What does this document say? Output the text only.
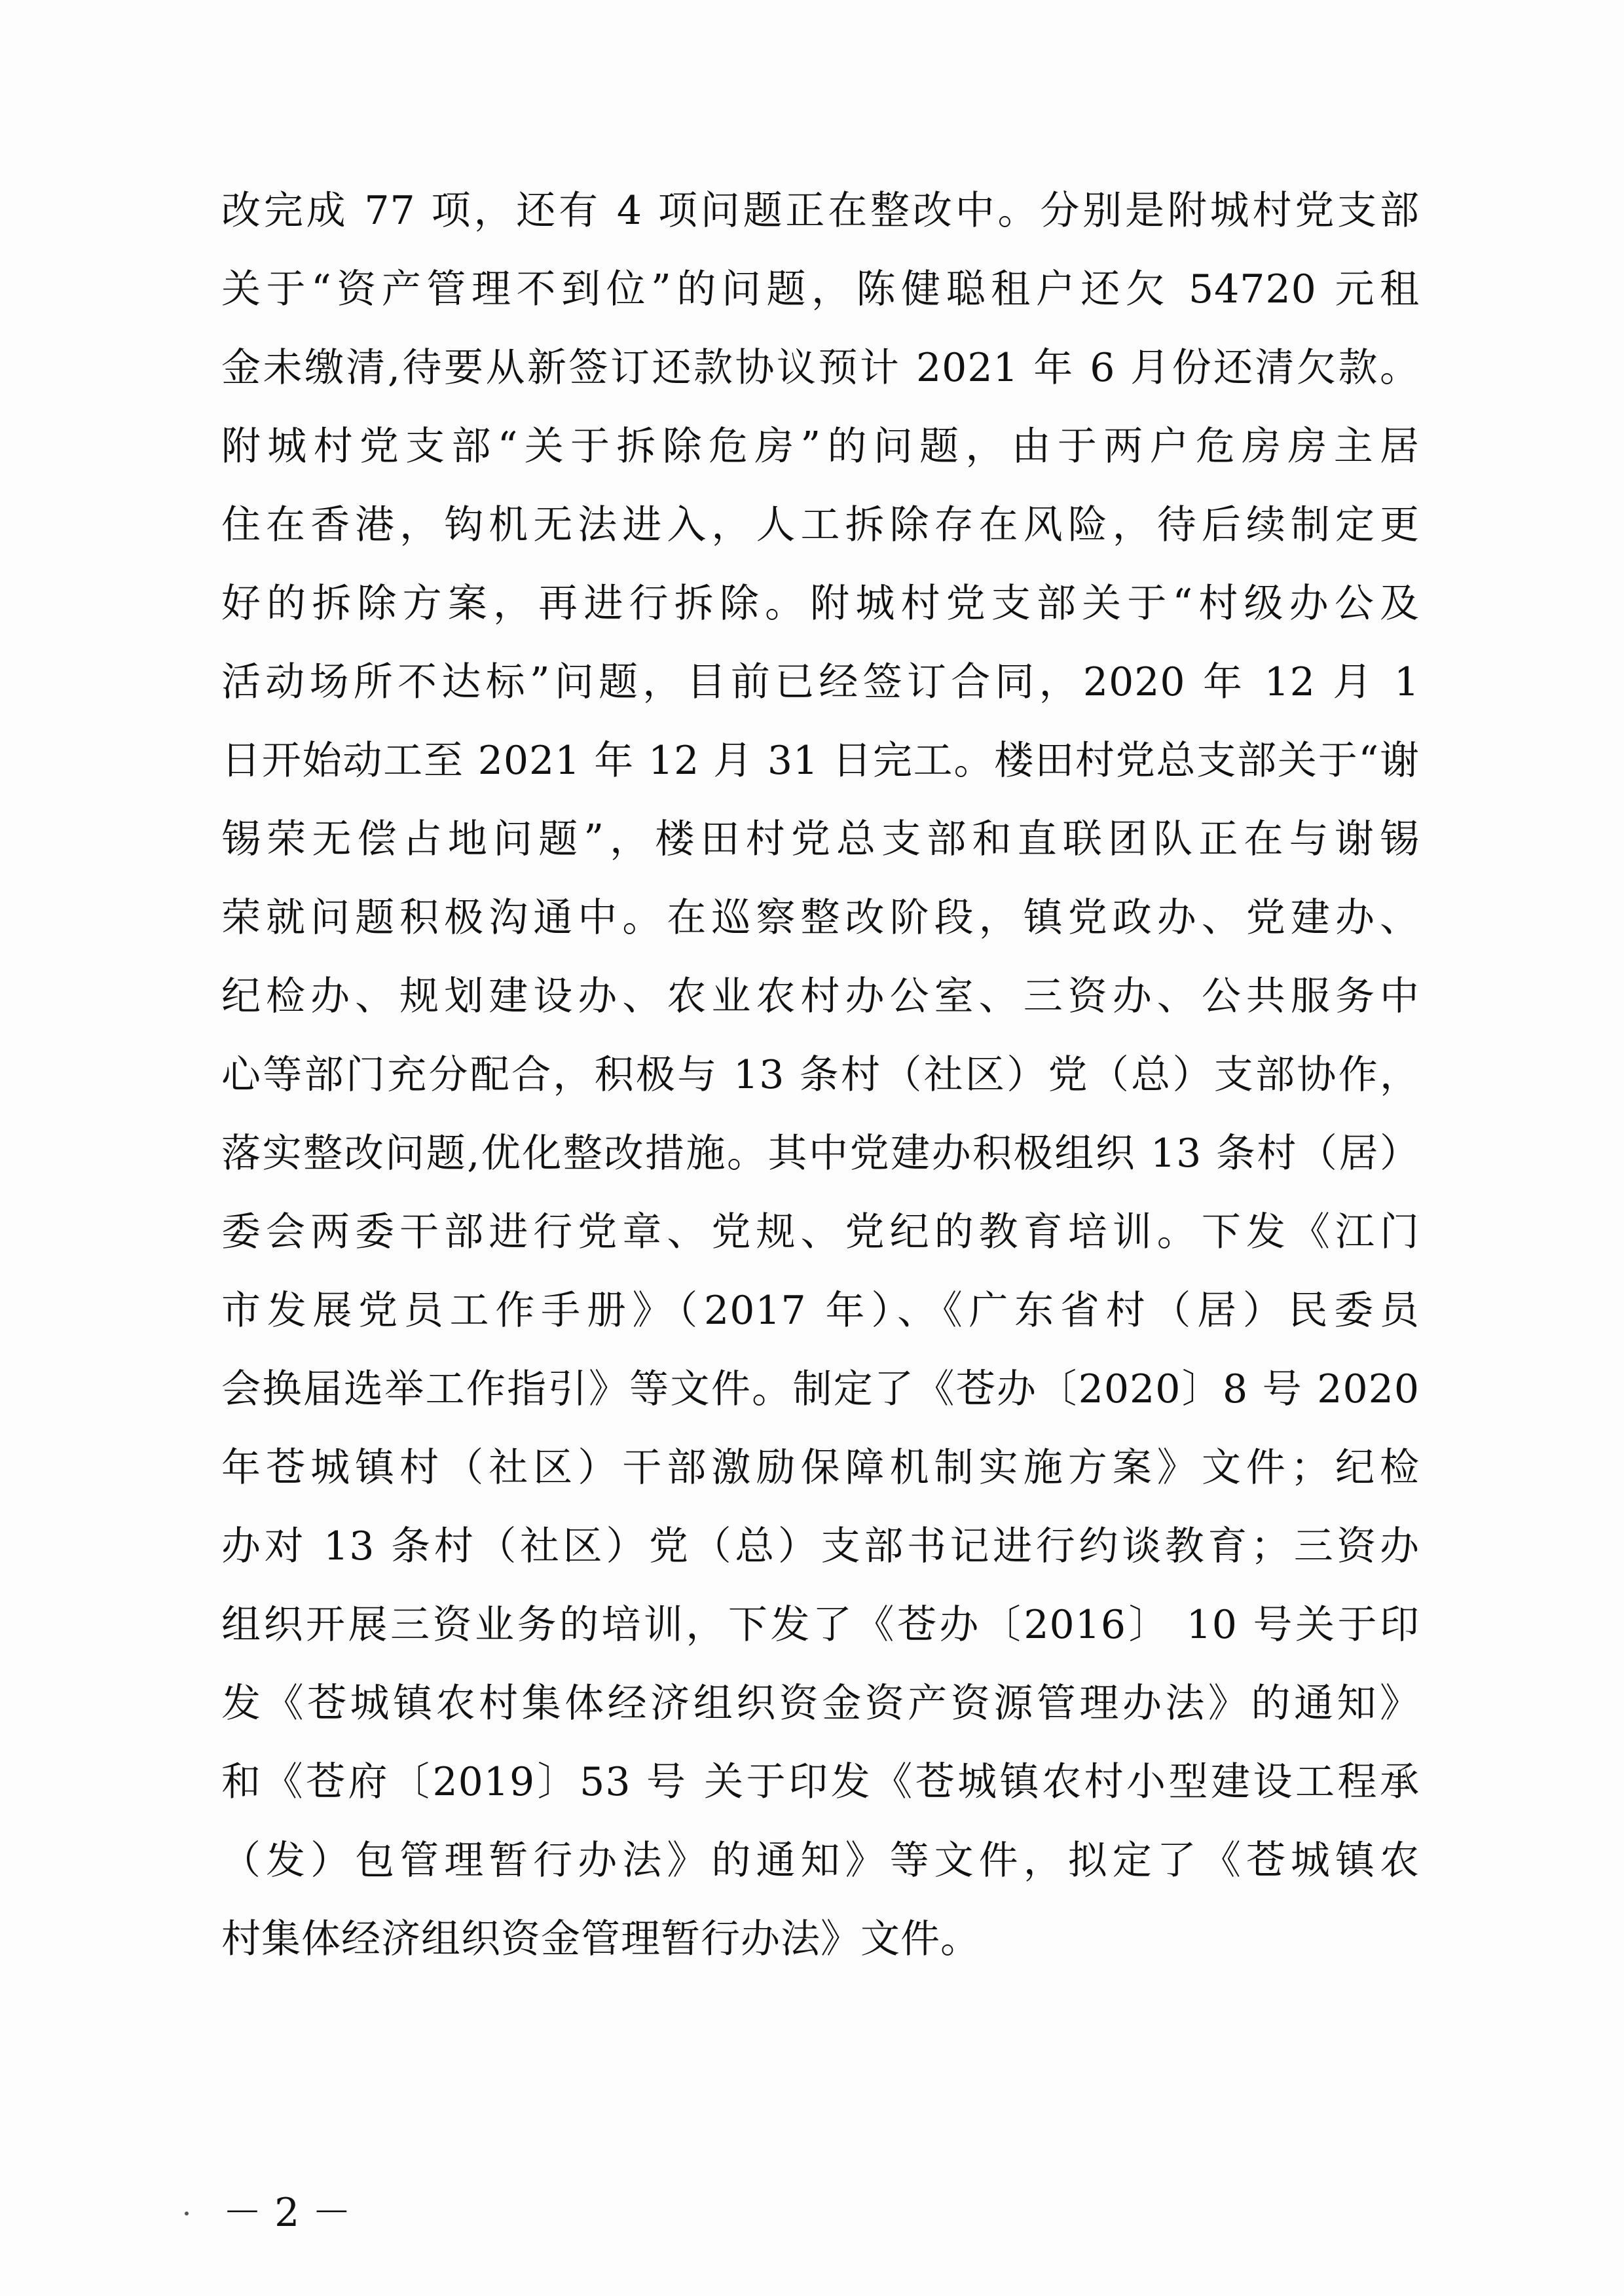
改完成 77 项，还有 4 项问题正在整改中。分别是附城村党支部
关于“资产管理不到位”的问题，陈健聪租户还欠 54720 元租
金未缴清,待要从新签订还款协议预计 2021 年 6 月份还清欠款。
附城村党支部“关于拆除危房”的问题，由于两户危房房主居
住在香港，钩机无法进入，人工拆除存在风险，待后续制定更
好的拆除方案，再进行拆除。附城村党支部关于“村级办公及
活动场所不达标”问题，目前已经签订合同，2020 年 12 月 1
日开始动工至 2021 年 12 月 31 日完工。楼田村党总支部关于“谢
锡荣无偿占地问题”，楼田村党总支部和直联团队正在与谢锡
荣就问题积极沟通中。在巡察整改阶段，镇党政办、党建办、
纪检办、规划建设办、农业农村办公室、三资办、公共服务中
心等部门充分配合，积极与 13 条村（社区）党（总）支部协作，
落实整改问题,优化整改措施。其中党建办积极组织 13 条村（居）
委会两委干部进行党章、党规、党纪的教育培训。下发《江门
市发展党员工作手册》（2017 年）、《广东省村（居）民委员
会换届选举工作指引》等文件。制定了《苍办〔2020〕8 号 2020
年苍城镇村（社区）干部激励保障机制实施方案》文件；纪检
办对 13 条村（社区）党（总）支部书记进行约谈教育；三资办
组织开展三资业务的培训，下发了《苍办〔2016〕 10 号关于印
发《苍城镇农村集体经济组织资金资产资源管理办法》的通知》
和《苍府〔2019〕53 号 关于印发《苍城镇农村小型建设工程承
（发）包管理暂行办法》的通知》等文件，拟定了《苍城镇农
村集体经济组织资金管理暂行办法》文件。
－ 2 －
